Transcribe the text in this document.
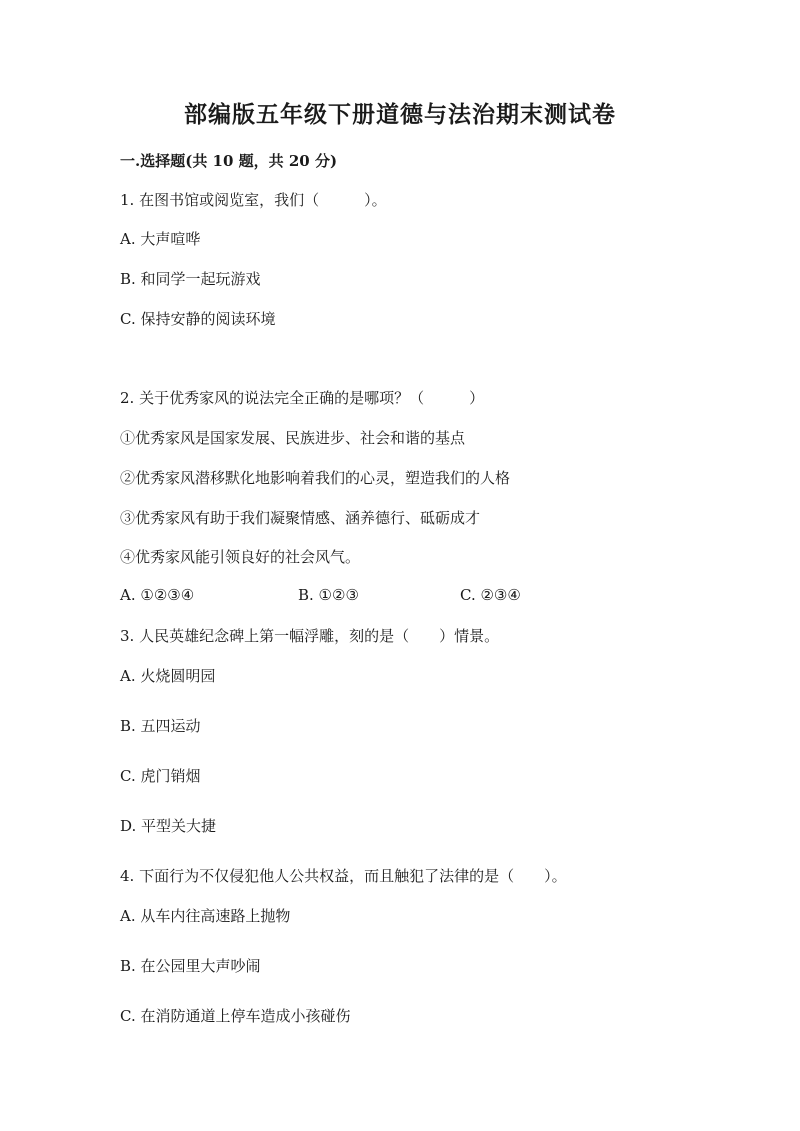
部编版五年级下册道德与法治期末测试卷
一.选择题(共 10 题，共 20 分)
1. 在图书馆或阅览室，我们（　　　）。
A. 大声喧哗
B. 和同学一起玩游戏
C. 保持安静的阅读环境
2. 关于优秀家风的说法完全正确的是哪项？（　　　）
①优秀家风是国家发展、民族进步、社会和谐的基点
②优秀家风潜移默化地影响着我们的心灵，塑造我们的人格
③优秀家风有助于我们凝聚情感、涵养德行、砥砺成才
④优秀家风能引领良好的社会风气。
A. ①②③④	B. ①②③	C. ②③④
3. 人民英雄纪念碑上第一幅浮雕，刻的是（　　）情景。
A. 火烧圆明园
B. 五四运动
C. 虎门销烟
D. 平型关大捷
4. 下面行为不仅侵犯他人公共权益，而且触犯了法律的是（　　）。
A. 从车内往高速路上抛物
B. 在公园里大声吵闹
C. 在消防通道上停车造成小孩碰伤
